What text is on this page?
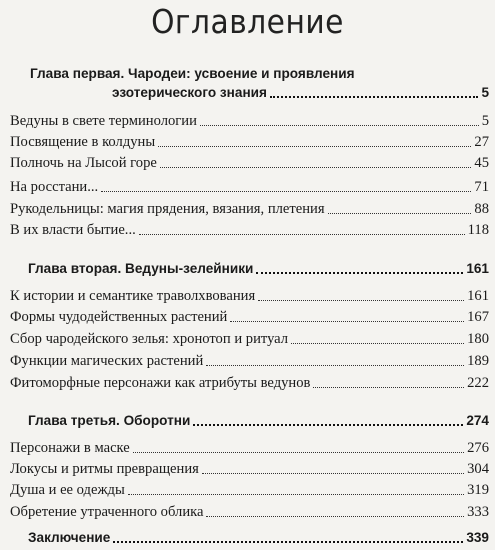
Оглавление
Глава первая. Чародеи: усвоение и проявления
эзотерического знания	5
Ведуны в свете терминологии	5
Посвящение в колдуны	27
Полночь на Лысой горе	45
На росстани...	71
Рукодельницы: магия прядения, вязания, плетения	88
В их власти бытие...	118
Глава вторая. Ведуны-зелейники	161
К истории и семантике траволхвования	161
Формы чудодейственных растений	167
Сбор чародейского зелья: хронотоп и ритуал	180
Функции магических растений	189
Фитоморфные персонажи как атрибуты ведунов	222
Глава третья. Оборотни	274
Персонажи в маске	276
Локусы и ритмы превращения	304
Душа и ее одежды	319
Обретение утраченного облика	333
Заключение	339
